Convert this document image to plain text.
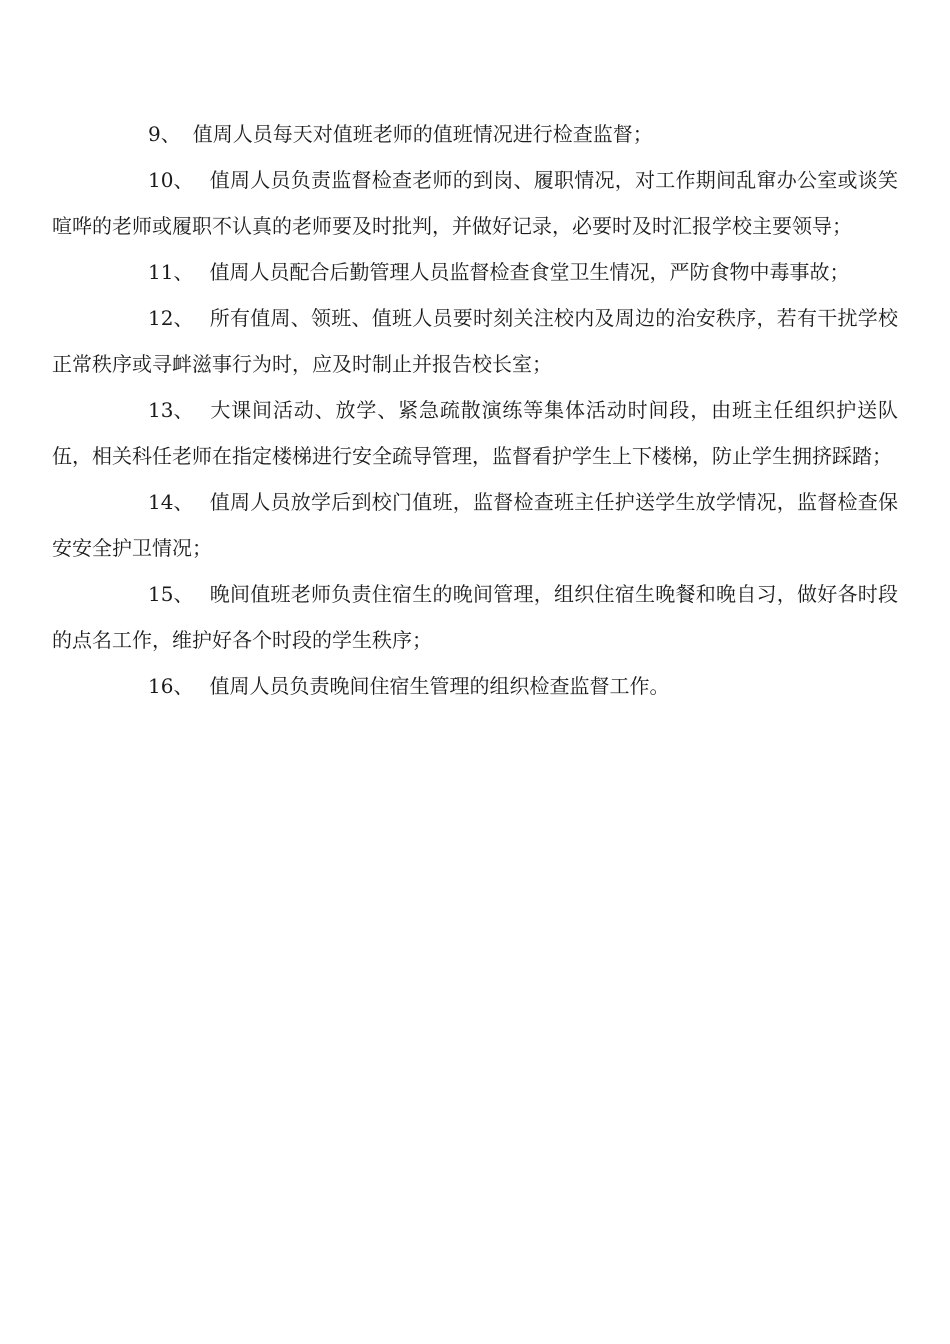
9、 值周人员每天对值班老师的值班情况进行检查监督；

10、 值周人员负责监督检查老师的到岗、履职情况，对工作期间乱窜办公室或谈笑喧哗的老师或履职不认真的老师要及时批判，并做好记录，必要时及时汇报学校主要领导；

11、 值周人员配合后勤管理人员监督检查食堂卫生情况，严防食物中毒事故；

12、 所有值周、领班、值班人员要时刻关注校内及周边的治安秩序，若有干扰学校正常秩序或寻衅滋事行为时，应及时制止并报告校长室；

13、 大课间活动、放学、紧急疏散演练等集体活动时间段，由班主任组织护送队伍，相关科任老师在指定楼梯进行安全疏导管理，监督看护学生上下楼梯，防止学生拥挤踩踏；

14、 值周人员放学后到校门值班，监督检查班主任护送学生放学情况，监督检查保安安全护卫情况；

15、 晚间值班老师负责住宿生的晚间管理，组织住宿生晚餐和晚自习，做好各时段的点名工作，维护好各个时段的学生秩序；

16、 值周人员负责晚间住宿生管理的组织检查监督工作。
